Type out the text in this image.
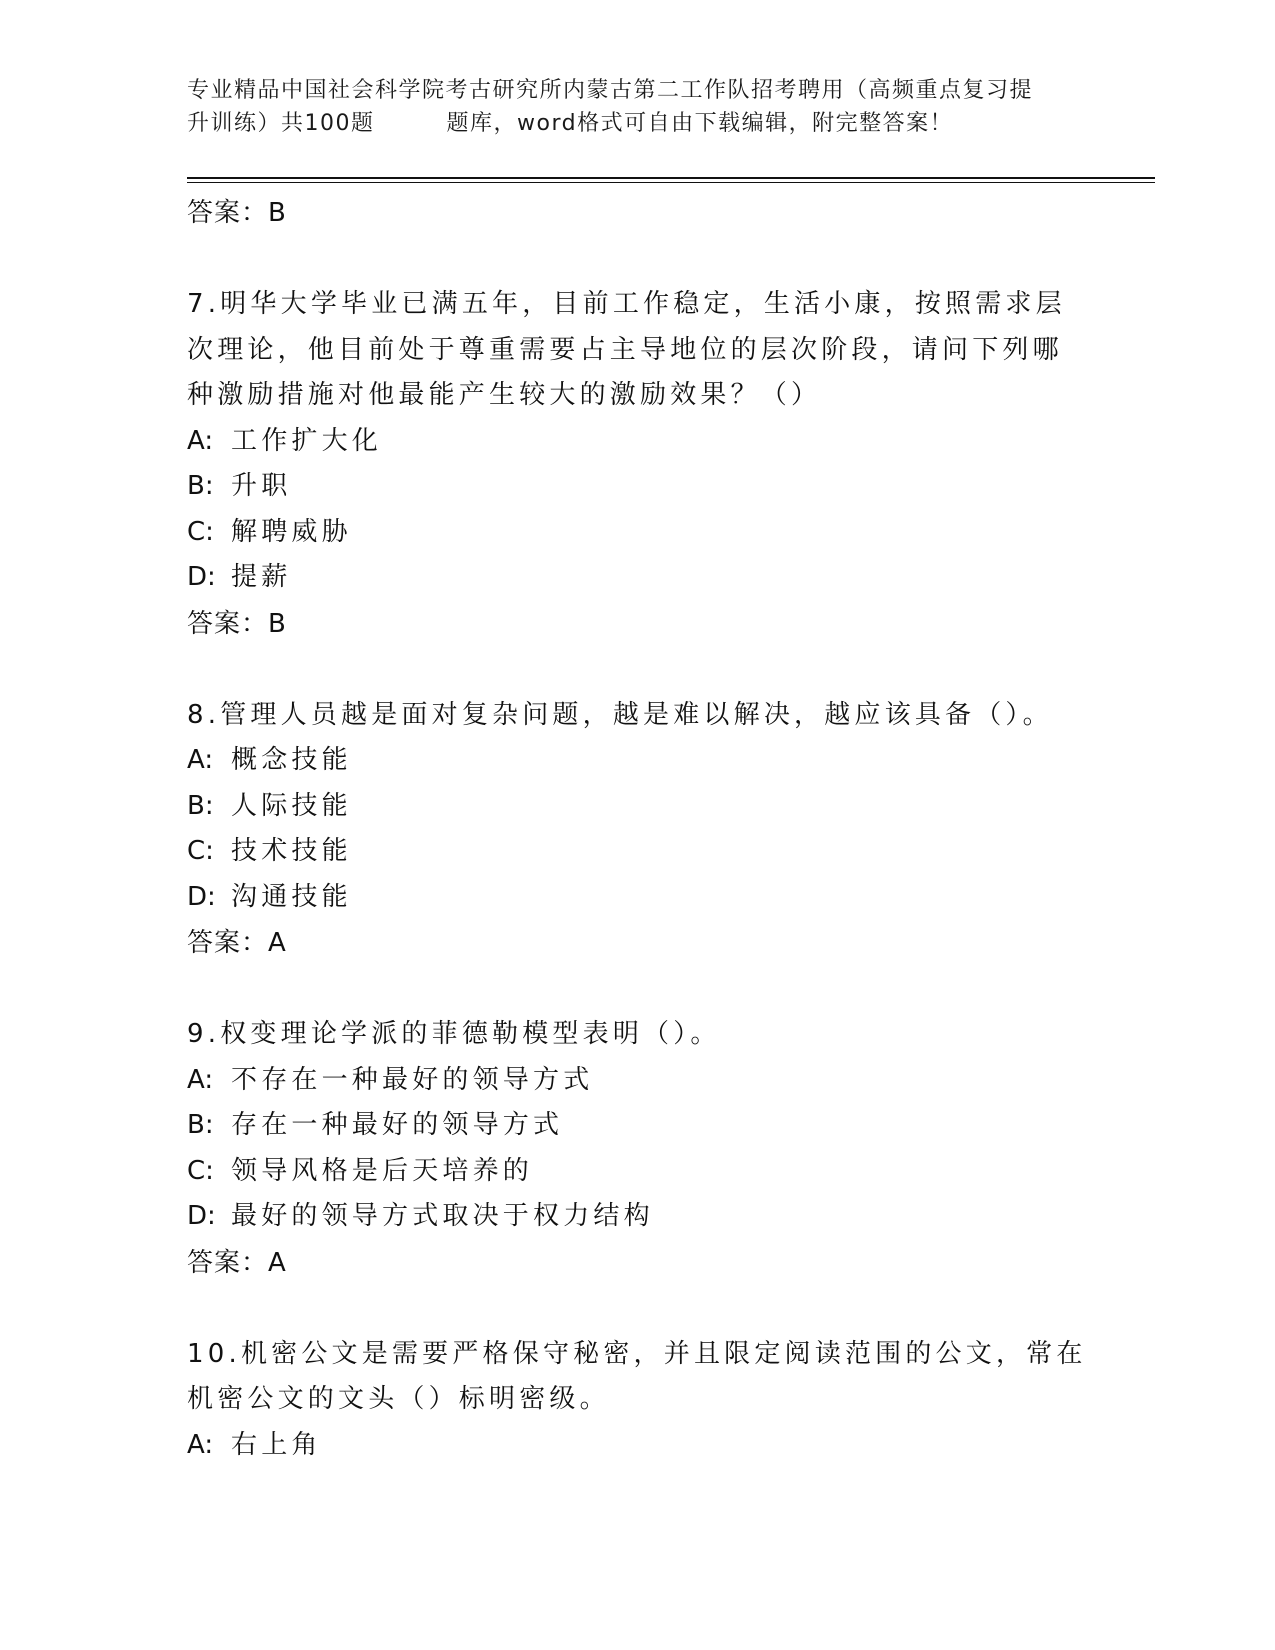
专业精品中国社会科学院考古研究所内蒙古第二工作队招考聘用（高频重点复习提
升训练）共100题	题库，word格式可自由下载编辑，附完整答案！
答案：B
7.明华大学毕业已满五年，目前工作稳定，生活小康，按照需求层次理论，他目前处于尊重需要占主导地位的层次阶段，请问下列哪种激励措施对他最能产生较大的激励效果？（）
A: 工作扩大化
B: 升职
C: 解聘威胁
D: 提薪
答案：B
8.管理人员越是面对复杂问题，越是难以解决，越应该具备（）。
A: 概念技能
B: 人际技能
C: 技术技能
D: 沟通技能
答案：A
9.权变理论学派的菲德勒模型表明（）。
A: 不存在一种最好的领导方式
B: 存在一种最好的领导方式
C: 领导风格是后天培养的
D: 最好的领导方式取决于权力结构
答案：A
10.机密公文是需要严格保守秘密，并且限定阅读范围的公文，常在机密公文的文头（）标明密级。
A: 右上角
